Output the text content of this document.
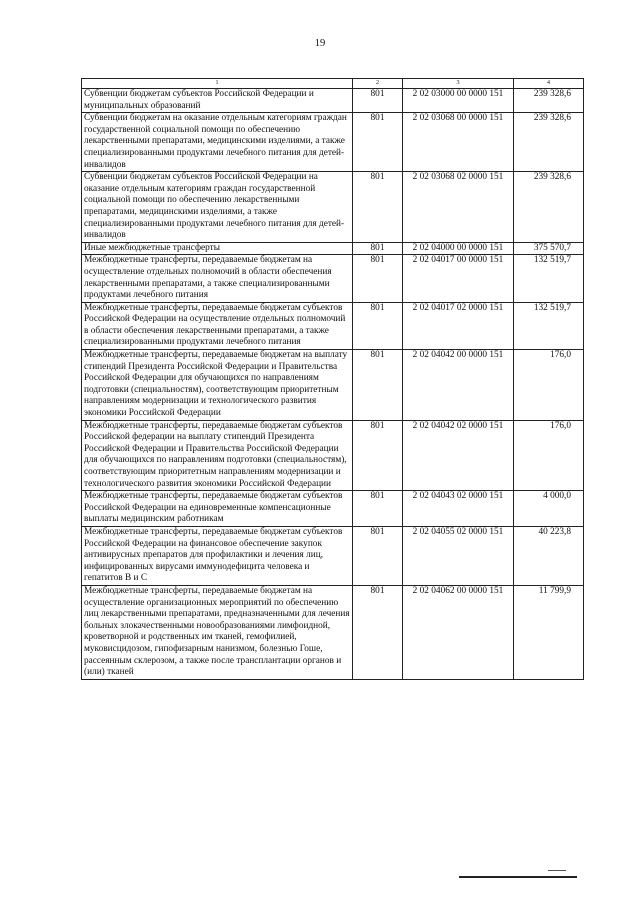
19
1	2	3	4
Субвенции бюджетам субъектов Российской Федерации и муниципальных образований	801	2 02 03000 00 0000 151	239 328,6
Субвенции бюджетам на оказание отдельным категориям граждан государственной социальной помощи по обеспечению лекарственными препаратами, медицинскими изделиями, а также специализированными продуктами лечебного питания для детей-инвалидов	801	2 02 03068 00 0000 151	239 328,6
Субвенции бюджетам субъектов Российской Федерации на оказание отдельным категориям граждан государственной социальной помощи по обеспечению лекарственными препаратами, медицинскими изделиями, а также специализированными продуктами лечебного питания для детей-инвалидов	801	2 02 03068 02 0000 151	239 328,6
Иные межбюджетные трансферты	801	2 02 04000 00 0000 151	375 570,7
Межбюджетные трансферты, передаваемые бюджетам на осуществление отдельных полномочий в области обеспечения лекарственными препаратами, а также специализированными продуктами лечебного питания	801	2 02 04017 00 0000 151	132 519,7
Межбюджетные трансферты, передаваемые бюджетам субъектов Российской Федерации на осуществление отдельных полномочий в области обеспечения лекарственными препаратами, а также специализированными продуктами лечебного питания	801	2 02 04017 02 0000 151	132 519,7
Межбюджетные трансферты, передаваемые бюджетам на выплату стипендий Президента Российской Федерации и Правительства Российской Федерации для обучающихся по направлениям подготовки (специальностям), соответствующим приоритетным направлениям модернизации и технологического развития экономики Российской Федерации	801	2 02 04042 00 0000 151	176,0
Межбюджетные трансферты, передаваемые бюджетам субъектов Российской федерации на выплату стипендий Президента Российской Федерации и Правительства Российской Федерации для обучающихся по направлениям подготовки (специальностям), соответствующим приоритетным направлениям модернизации и технологического развития экономики Российской Федерации	801	2 02 04042 02 0000 151	176,0
Межбюджетные трансферты, передаваемые бюджетам субъектов Российской Федерации на единовременные компенсационные выплаты медицинским работникам	801	2 02 04043 02 0000 151	4 000,0
Межбюджетные трансферты, передаваемые бюджетам субъектов Российской Федерации на финансовое обеспечение закупок антивирусных препаратов для профилактики и лечения лиц, инфицированных вирусами иммунодефицита человека и гепатитов В и С	801	2 02 04055 02 0000 151	40 223,8
Межбюджетные трансферты, передаваемые бюджетам на осуществление организационных мероприятий по обеспечению лиц лекарственными препаратами, предназначенными для лечения больных злокачественными новообразованиями лимфоидной, кроветворной и родственных им тканей, гемофилией, муковисцидозом, гипофизарным нанизмом, болезнью Гоше, рассеянным склерозом, а также после трансплантации органов и (или) тканей	801	2 02 04062 00 0000 151	11 799,9
